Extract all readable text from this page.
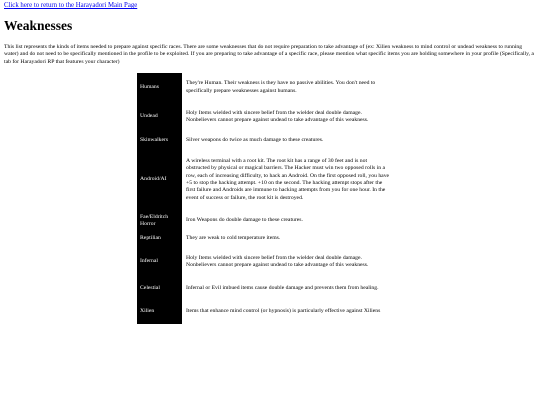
Click here to return to the Harayadori Main Page
Weaknesses

This list represents the kinds of items needed to prepare against specific races. There are some weaknesses that do not require preparation to take advantage of (ex: Xilien weakness to mind control or undead weakness to running water) and do not need to be specifically mentioned in the profile to be exploited. If you are preparing to take advantage of a specific race, please mention what specific items you are holding somewhere in your profile (Specifically, a tab for Harayadori RP that features your character)

Humans	They're Human. Their weakness is they have no passive abilities. You don't need to specifically prepare weaknesses against humans.
Undead	Holy Items wielded with sincere belief from the wielder deal double damage. Nonbelievers cannot prepare against undead to take advantage of this weakness.
Skinwalkers	Silver weapons do twice as much damage to these creatures.
Android/AI	A wireless terminal with a root kit. The root kit has a range of 30 feet and is not obstructed by physical or magical barriers. The Hacker must win two opposed rolls in a row, each of increasing difficulty, to hack an Android. On the first opposed roll, you have +5 to stop the hacking attempt. +10 on the second. The hacking attempt stops after the first failure and Androids are immune to hacking attempts from you for one hour. In the event of success or failure, the root kit is destroyed.
Fae/Eldritch Horror	Iron Weapons do double damage to these creatures.
Reptilian	They are weak to cold temperature items.
Infernal	Holy Items wielded with sincere belief from the wielder deal double damage. Nonbelievers cannot prepare against undead to take advantage of this weakness.
Celestial	Infernal or Evil imbued items cause double damage and prevents them from healing.
Xilien	Items that enhance mind control (or hypnosis) is particularly effective against Xiliens
